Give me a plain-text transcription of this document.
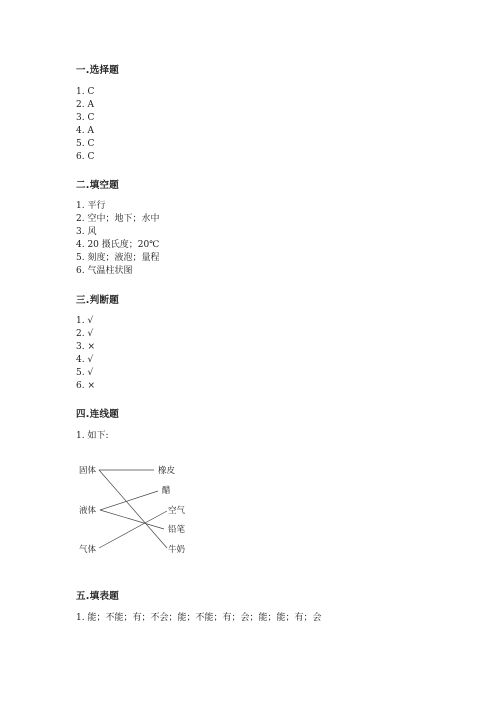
一.选择题
1. C
2. A
3. C
4. A
5. C
6. C
二.填空题
1. 平行
2. 空中；地下；水中
3. 风
4. 20 摄氏度；20℃
5. 刻度；液泡；量程
6. 气温柱状图
三.判断题
1. √
2. √
3. ×
4. √
5. √
6. ×
四.连线题
1. 如下:
固体
液体
气体
橡皮
醋
空气
铅笔
牛奶
五.填表题
1. 能；不能；有；不会；能；不能；有；会；能；能；有；会
